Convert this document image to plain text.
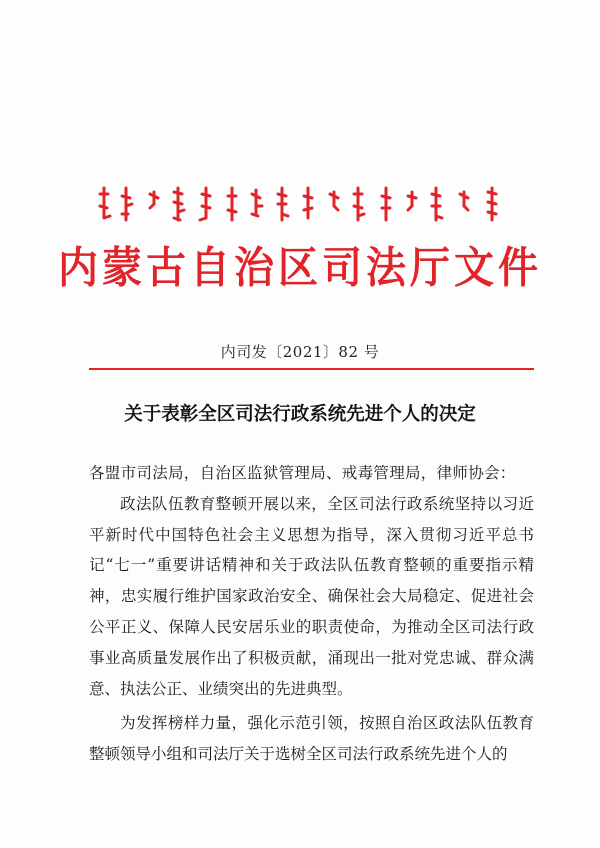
内蒙古自治区司法厅文件
内司发〔2021〕82 号
关于表彰全区司法行政系统先进个人的决定

各盟市司法局，自治区监狱管理局、戒毒管理局，律师协会：

政法队伍教育整顿开展以来，全区司法行政系统坚持以习近平新时代中国特色社会主义思想为指导，深入贯彻习近平总书记“七一”重要讲话精神和关于政法队伍教育整顿的重要指示精神，忠实履行维护国家政治安全、确保社会大局稳定、促进社会公平正义、保障人民安居乐业的职责使命，为推动全区司法行政事业高质量发展作出了积极贡献，涌现出一批对党忠诚、群众满意、执法公正、业绩突出的先进典型。

为发挥榜样力量，强化示范引领，按照自治区政法队伍教育整顿领导小组和司法厅关于选树全区司法行政系统先进个人的
